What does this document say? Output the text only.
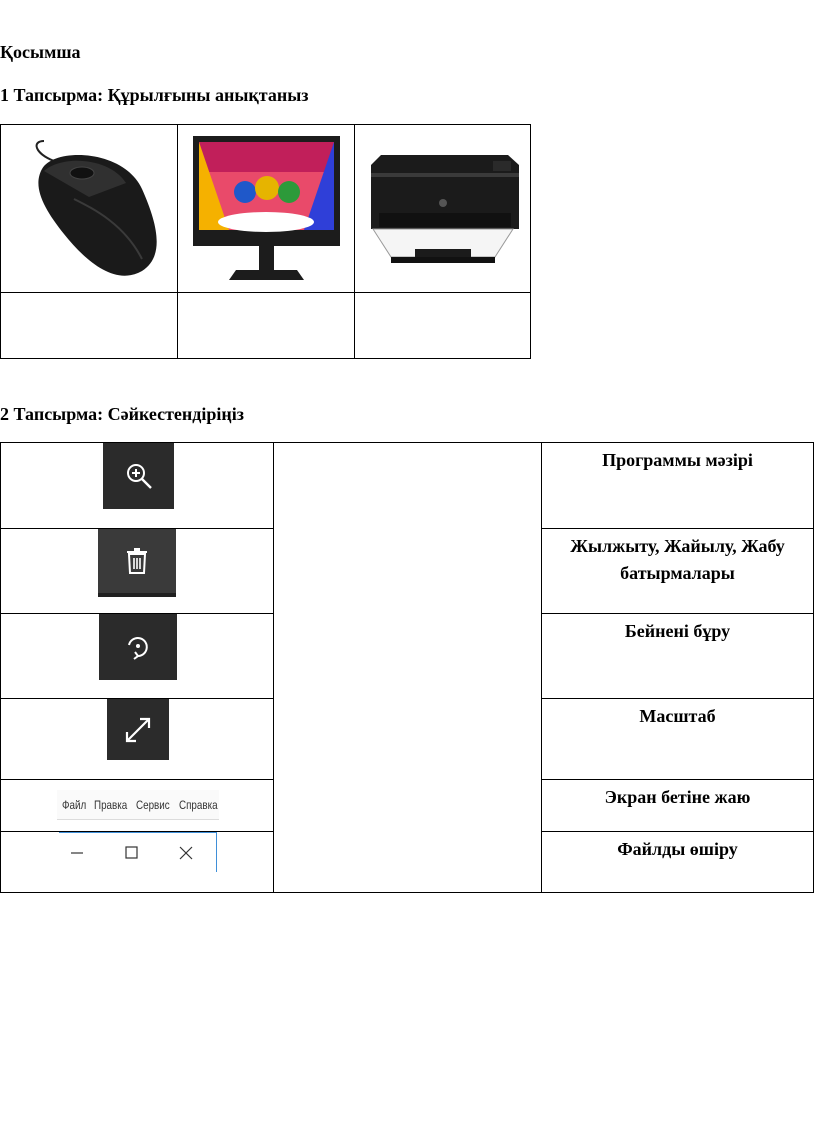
Қосымша
1 Тапсырма: Құрылғыны анықтаныз

2 Тапсырма: Сәйкестендіріңіз

Программы мәзірі

Жылжыту, Жайылу, Жабу батырмалары

Бейнені бұру

Масштаб

Файл Правка Сервис Справка		Экран бетіне жаю

Файлды өшіру
